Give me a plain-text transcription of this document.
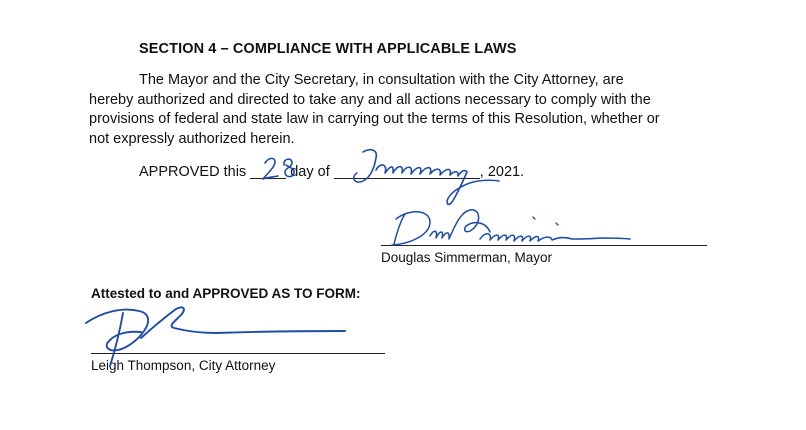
SECTION 4 – COMPLIANCE WITH APPLICABLE LAWS
The Mayor and the City Secretary, in consultation with the City Attorney, are
hereby authorized and directed to take any and all actions necessary to comply with the
provisions of federal and state law in carrying out the terms of this Resolution, whether or
not expressly authorized herein.
APPROVED this	day of	, 2021.
Douglas Simmerman, Mayor
Attested to and APPROVED AS TO FORM:
Leigh Thompson, City Attorney
